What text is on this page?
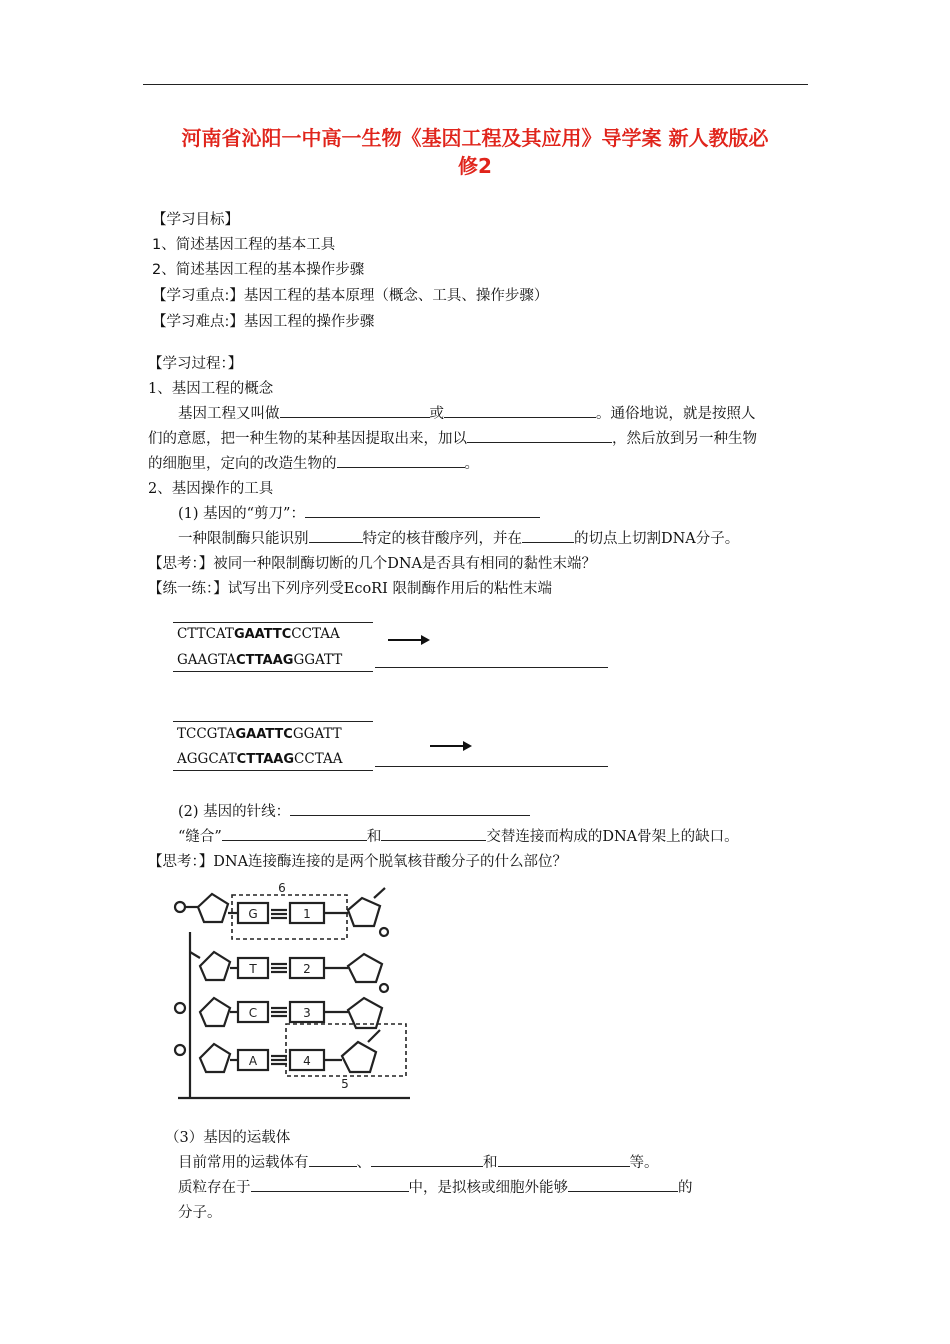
河南省沁阳一中高一生物《基因工程及其应用》导学案 新人教版必
修2
【学习目标】
1、简述基因工程的基本工具
2、简述基因工程的基本操作步骤
【学习重点:】基因工程的基本原理（概念、工具、操作步骤）
【学习难点:】基因工程的操作步骤
【学习过程：】
1、基因工程的概念
基因工程又叫做	或	。通俗地说，就是按照人
们的意愿，把一种生物的某种基因提取出来，加以	，然后放到另一种生物
的细胞里，定向的改造生物的	。
2、基因操作的工具
(1) 基因的“剪刀”：
一种限制酶只能识别	特定的核苷酸序列，并在	的切点上切割DNA分子。
【思考：】被同一种限制酶切断的几个DNA是否具有相同的黏性末端？
【练一练：】试写出下列序列受EcoRⅠ 限制酶作用后的粘性末端
CTTCATGAATTCCCTAA
GAAGTACTTAAGGGATT
TCCGTAGAATTCGGATT
AGGCATCTTAAGCCTAA
(2) 基因的针线：
“缝合”	和	交替连接而构成的DNA骨架上的缺口。
【思考：】DNA连接酶连接的是两个脱氧核苷酸分子的什么部位？
6
G	1
T	2
C	3
A	4
5
（3）基因的运载体
目前常用的运载体有	、	和	等。
质粒存在于	中，是拟核或细胞外能够	的
分子。
